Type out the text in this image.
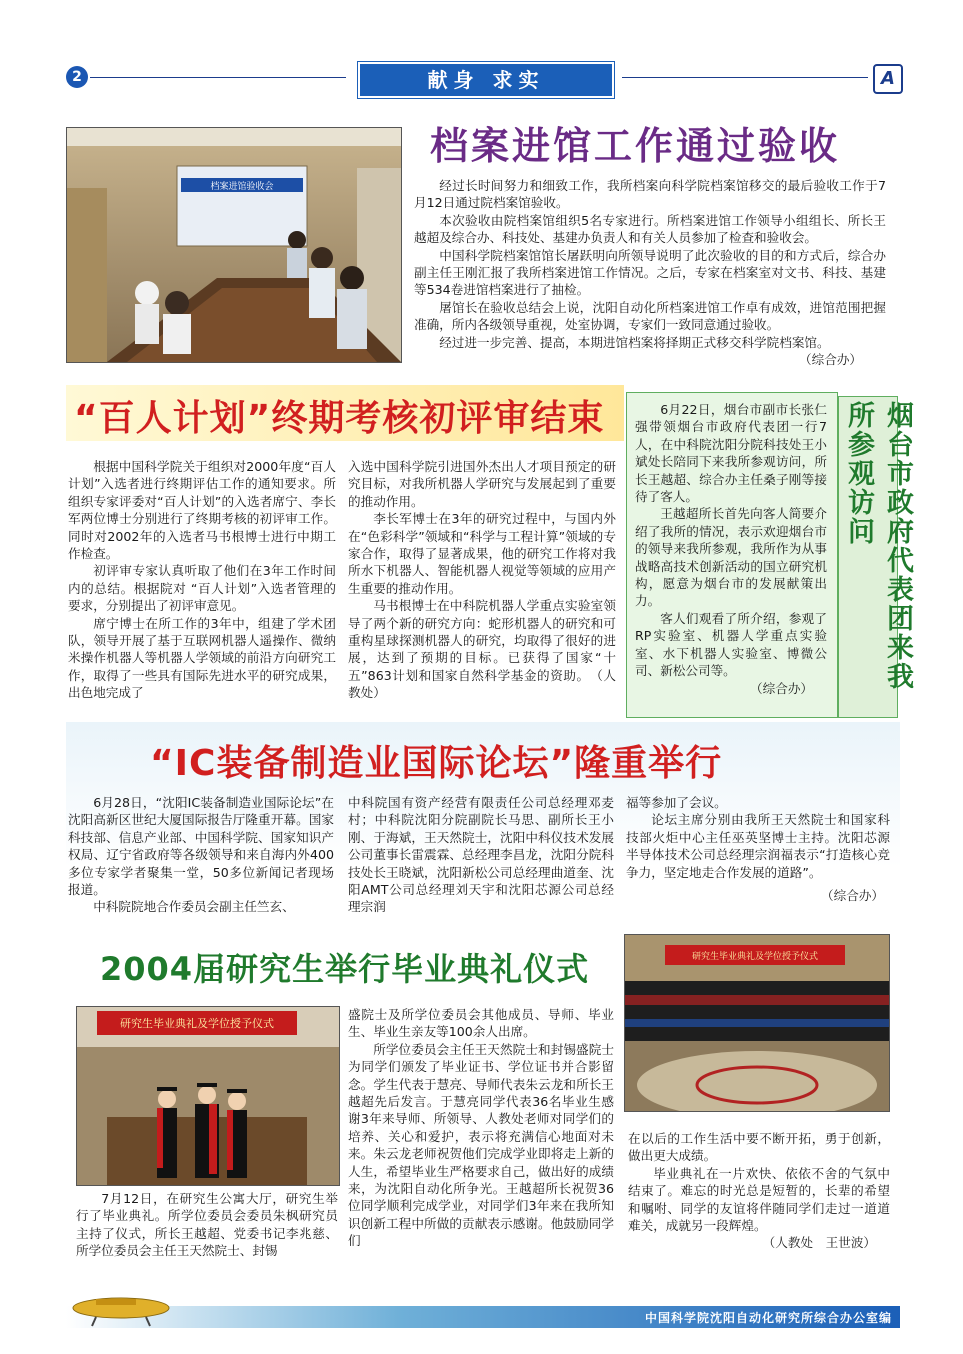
2	献身 求实	A
档案进馆验收会
档案进馆工作通过验收

经过长时间努力和细致工作，我所档案向科学院档案馆移交的最后验收工作于7月12日通过院档案馆验收。

本次验收由院档案馆组织5名专家进行。所档案进馆工作领导小组组长、所长王越超及综合办、科技处、基建办负责人和有关人员参加了检查和验收会。

中国科学院档案馆馆长屠跃明向所领导说明了此次验收的目的和方式后，综合办副主任王刚汇报了我所档案进馆工作情况。之后，专家在档案室对文书、科技、基建等534卷进馆档案进行了抽检。

屠馆长在验收总结会上说，沈阳自动化所档案进馆工作卓有成效，进馆范围把握准确，所内各级领导重视，处室协调，专家们一致同意通过验收。

经过进一步完善、提高，本期进馆档案将择期正式移交科学院档案馆。

（综合办）
“百人计划”终期考核初评审结束

根据中国科学院关于组织对2000年度“百人计划”入选者进行终期评估工作的通知要求。所组织专家评委对“百人计划”的入选者席宁、李长军两位博士分别进行了终期考核的初评审工作。同时对2002年的入选者马书根博士进行中期工作检查。

初评审专家认真听取了他们在3年工作时间内的总结。根据院对 “百人计划”入选者管理的要求，分别提出了初评审意见。

席宁博士在所工作的3年中，组建了学术团队，领导开展了基于互联网机器人遥操作、微纳米操作机器人等机器人学领域的前沿方向研究工作，取得了一些具有国际先进水平的研究成果，出色地完成了

入选中国科学院引进国外杰出人才项目预定的研究目标，对我所机器人学研究与发展起到了重要的推动作用。

李长军博士在3年的研究过程中，与国内外在“色彩科学”领域和“科学与工程计算”领域的专家合作，取得了显著成果，他的研究工作将对我所水下机器人、智能机器人视觉等领域的应用产生重要的推动作用。

马书根博士在中科院机器人学重点实验室领导了两个新的研究方向：蛇形机器人的研究和可重构星球探测机器人的研究，均取得了很好的进展，达到了预期的目标。已获得了国家“十五”863计划和国家自然科学基金的资助。　（人教处）

6月22日，烟台市副市长张仁强带领烟台市政府代表团一行7人，在中科院沈阳分院科技处王小斌处长陪同下来我所参观访问，所长王越超、综合办主任桑子刚等接待了客人。

王越超所长首先向客人简要介绍了我所的情况，表示欢迎烟台市的领导来我所参观，我所作为从事战略高技术创新活动的国立研究机构，愿意为烟台市的发展献策出力。

客人们观看了所介绍，参观了RP实验室、机器人学重点实验室、水下机器人实验室、博微公司、新松公司等。

（综合办）	烟台市政府代表团来我所参观访问
“IC装备制造业国际论坛”隆重举行

6月28日，“沈阳IC装备制造业国际论坛”在沈阳高新区世纪大厦国际报告厅隆重开幕。国家科技部、信息产业部、中国科学院、国家知识产权局、辽宁省政府等各级领导和来自海内外400多位专家学者聚集一堂，50多位新闻记者现场报道。

中科院院地合作委员会副主任竺玄、

中科院国有资产经营有限责任公司总经理邓麦村；中科院沈阳分院副院长马思、副所长王小刚、于海斌，王天然院士，沈阳中科仪技术发展公司董事长雷震霖、总经理李昌龙，沈阳分院科技处长王晓斌，沈阳新松公司总经理曲道奎、沈阳AMT公司总经理刘天宇和沈阳芯源公司总经理宗润

福等参加了会议。

论坛主席分别由我所王天然院士和国家科技部火炬中心主任巫英坚博士主持。沈阳芯源半导体技术公司总经理宗润福表示“打造核心竞争力，坚定地走合作发展的道路”。

（综合办）
2004届研究生举行毕业典礼仪式
研究生毕业典礼及学位授予仪式
研究生毕业典礼及学位授予仪式

7月12日，在研究生公寓大厅，研究生举行了毕业典礼。所学位委员会委员朱枫研究员主持了仪式，所长王越超、党委书记李兆慈、所学位委员会主任王天然院士、封锡

盛院士及所学位委员会其他成员、导师、毕业生、毕业生亲友等100余人出席。

所学位委员会主任王天然院士和封锡盛院士为同学们颁发了毕业证书、学位证书并合影留念。学生代表于慧亮、导师代表朱云龙和所长王越超先后发言。于慧亮同学代表36名毕业生感谢3年来导师、所领导、人教处老师对同学们的培养、关心和爱护，表示将充满信心地面对未来。朱云龙老师祝贺他们完成学业即将走上新的人生，希望毕业生严格要求自己，做出好的成绩来，为沈阳自动化所争光。王越超所长祝贺36位同学顺利完成学业，对同学们3年来在我所知识创新工程中所做的贡献表示感谢。他鼓励同学们

在以后的工作生活中要不断开拓，勇于创新，做出更大成绩。

毕业典礼在一片欢快、依依不舍的气氛中结束了。难忘的时光总是短暂的，长辈的希望和嘱咐、同学的友谊将伴随同学们走过一道道难关，成就另一段辉煌。

（人教处　王世波）
中国科学院沈阳自动化研究所综合办公室编
